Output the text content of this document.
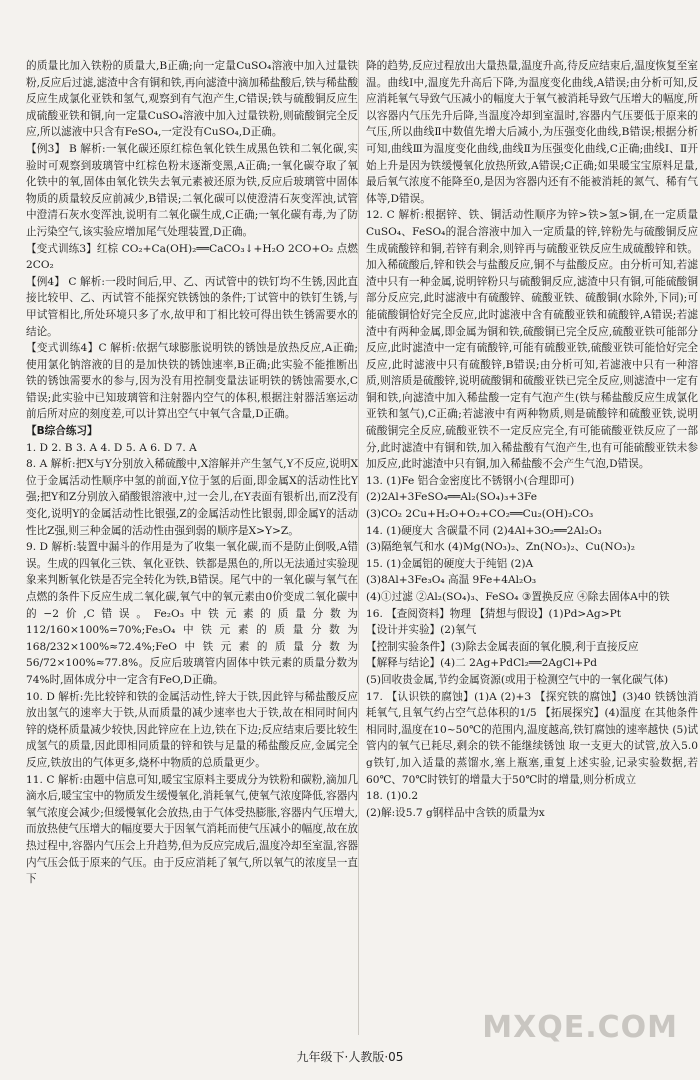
的质量比加入铁粉的质量大,B正确;向一定量CuSO₄溶液中加入过量铁粉,反应后过滤,滤渣中含有铜和铁,再向滤渣中滴加稀盐酸后,铁与稀盐酸反应生成氯化亚铁和氢气,观察到有气泡产生,C错误;铁与硫酸铜反应生成硫酸亚铁和铜,向一定量CuSO₄溶液中加入过量铁粉,则硫酸铜完全反应,所以滤液中只含有FeSO₄,一定没有CuSO₄,D正确。

【例3】 B 解析:一氧化碳还原红棕色氧化铁生成黑色铁和二氧化碳,实验时可观察到玻璃管中红棕色粉末逐渐变黑,A正确;一氧化碳夺取了氧化铁中的氧,固体由氧化铁失去氧元素被还原为铁,反应后玻璃管中固体物质的质量较反应前减少,B错误;二氧化碳可以使澄清石灰变浑浊,试管中澄清石灰水变浑浊,说明有二氧化碳生成,C正确;一氧化碳有毒,为了防止污染空气,该实验应增加尾气处理装置,D正确。

【变式训练3】红棕 CO₂+Ca(OH)₂══CaCO₃↓+H₂O 2CO+O₂ 点燃 2CO₂

【例4】 C 解析:一段时间后,甲、乙、丙试管中的铁钉均不生锈,因此直接比较甲、乙、丙试管不能探究铁锈蚀的条件;丁试管中的铁钉生锈,与甲试管相比,所处环境只多了水,故甲和丁相比较可得出铁生锈需要水的结论。

【变式训练4】C 解析:依据气球膨胀说明铁的锈蚀是放热反应,A正确;使用氯化钠溶液的目的是加快铁的锈蚀速率,B正确;此实验不能推断出铁的锈蚀需要水的参与,因为没有用控制变量法证明铁的锈蚀需要水,C错误;此实验中已知玻璃管和注射器内空气的体积,根据注射器活塞运动前后所对应的刻度差,可以计算出空气中氧气含量,D正确。

【B综合练习】

1. D 2. B 3. A 4. D 5. A 6. D 7. A

8. A 解析:把X与Y分别放入稀硫酸中,X溶解并产生氢气,Y不反应,说明X位于金属活动性顺序中氢的前面,Y位于氢的后面,即金属X的活动性比Y强;把Y和Z分别放入硝酸银溶液中,过一会儿,在Y表面有银析出,而Z没有变化,说明Y的金属活动性比银强,Z的金属活动性比银弱,即金属Y的活动性比Z强,则三种金属的活动性由强到弱的顺序是X>Y>Z。

9. D 解析:装置中漏斗的作用是为了收集一氧化碳,而不是防止倒吸,A错误。生成的四氧化三铁、氧化亚铁、铁都是黑色的,所以无法通过实验现象来判断氧化铁是否完全转化为铁,B错误。尾气中的一氧化碳与氧气在点燃的条件下反应生成二氧化碳,氧气中的氧元素由0价变成二氧化碳中的−2价,C错误。Fe₂O₃中铁元素的质量分数为112/160×100%=70%;Fe₃O₄中铁元素的质量分数为168/232×100%≈72.4%;FeO中铁元素的质量分数为56/72×100%≈77.8%。反应后玻璃管内固体中铁元素的质量分数为74%时,固体成分中一定含有FeO,D正确。

10. D 解析:先比较锌和铁的金属活动性,锌大于铁,因此锌与稀盐酸反应放出氢气的速率大于铁,从而质量的减少速率也大于铁,故在相同时间内锌的烧杯质量减少较快,因此锌应在上边,铁在下边;反应结束后要比较生成氢气的质量,因此即相同质量的锌和铁与足量的稀盐酸反应,金属完全反应,铁放出的气体更多,烧杯中物质的总质量更少。

11. C 解析:由题中信息可知,暖宝宝原料主要成分为铁粉和碳粉,滴加几滴水后,暖宝宝中的物质发生缓慢氧化,消耗氧气,使氧气浓度降低,容器内氧气浓度会减少;但缓慢氧化会放热,由于气体受热膨胀,容器内气压增大,而放热使气压增大的幅度要大于因氧气消耗而使气压减小的幅度,故在放热过程中,容器内气压会上升趋势,但为反应完成后,温度冷却至室温,容器内气压会低于原来的气压。由于反应消耗了氧气,所以氧气的浓度呈一直下

降的趋势,反应过程放出大量热量,温度升高,待反应结束后,温度恢复至室温。曲线Ⅰ中,温度先升高后下降,为温度变化曲线,A错误;由分析可知,反应消耗氧气导致气压减小的幅度大于氧气被消耗导致气压增大的幅度,所以容器内气压先升后降,当温度冷却到室温时,容器内气压要低于原来的气压,所以曲线Ⅱ中数值先增大后减小,为压强变化曲线,B错误;根据分析可知,曲线Ⅲ为温度变化曲线,曲线Ⅱ为压强变化曲线,C正确;曲线Ⅰ、Ⅱ开始上升是因为铁缓慢氧化放热所致,A错误;C正确;如果暖宝宝原料足量,最后氧气浓度不能降至0,是因为容器内还有不能被消耗的氮气、稀有气体等,D错误。

12. C 解析:根据锌、铁、铜活动性顺序为锌>铁>氢>铜,在一定质量CuSO₄、FeSO₄的混合溶液中加入一定质量的锌,锌粉先与硫酸铜反应生成硫酸锌和铜,若锌有剩余,则锌再与硫酸亚铁反应生成硫酸锌和铁。加入稀硫酸后,锌和铁会与盐酸反应,铜不与盐酸反应。由分析可知,若滤渣中只有一种金属,说明锌粉只与硫酸铜反应,滤渣中只有铜,可能硫酸铜部分反应完,此时滤液中有硫酸锌、硫酸亚铁、硫酸铜(水除外,下同);可能硫酸铜恰好完全反应,此时滤液中含有硫酸亚铁和硫酸锌,A错误;若滤渣中有两种金属,即金属为铜和铁,硫酸铜已完全反应,硫酸亚铁可能部分反应,此时滤渣中一定有硫酸锌,可能有硫酸亚铁,硫酸亚铁可能恰好完全反应,此时滤液中只有硫酸锌,B错误;由分析可知,若滤液中只有一种溶质,则溶质是硫酸锌,说明硫酸铜和硫酸亚铁已完全反应,则滤渣中一定有铜和铁,向滤渣中加入稀盐酸一定有气泡产生(铁与稀盐酸反应生成氯化亚铁和氢气),C正确;若滤液中有两种物质,则是硫酸锌和硫酸亚铁,说明硫酸铜完全反应,硫酸亚铁不一定反应完全,有可能硫酸亚铁反应了一部分,此时滤渣中有铜和铁,加入稀盐酸有气泡产生,也有可能硫酸亚铁未参加反应,此时滤渣中只有铜,加入稀盐酸不会产生气泡,D错误。

13. (1)Fe 铝合金密度比不锈钢小(合理即可)

(2)2Al+3FeSO₄══Al₂(SO₄)₃+3Fe

(3)CO₂ 2Cu+H₂O+O₂+CO₂══Cu₂(OH)₂CO₃

14. (1)硬度大 含碳量不同 (2)4Al+3O₂══2Al₂O₃

(3)隔绝氧气和水 (4)Mg(NO₃)₂、Zn(NO₃)₂、Cu(NO₃)₂

15. (1)金属铝的硬度大于纯铝 (2)A

(3)8Al+3Fe₃O₄ 高温 9Fe+4Al₂O₃

(4)①过滤 ②Al₂(SO₄)₃、FeSO₄ ③置换反应 ④除去固体A中的铁

16. 【查阅资料】物理 【猜想与假设】(1)Pd>Ag>Pt

【设计并实验】(2)氧气

【控制实验条件】(3)除去金属表面的氧化膜,利于直接反应

【解释与结论】(4)二 2Ag+PdCl₂══2AgCl+Pd

(5)回收贵金属,节约金属资源(或用于检测空气中的一氧化碳气体)

17. 【认识铁的腐蚀】(1)A (2)+3 【探究铁的腐蚀】(3)40 铁锈蚀消耗氧气,且氧气约占空气总体积的1/5 【拓展探究】(4)温度 在其他条件相同时,温度在10~50℃的范围内,温度越高,铁钉腐蚀的速率越快 (5)试管内的氧气已耗尽,剩余的铁不能继续锈蚀 取一支更大的试管,放入5.0 g铁钉,加入适量的蒸馏水,塞上瓶塞,重复上述实验,记录实验数据,若60℃、70℃时铁钉的增量大于50℃时的增量,则分析成立

18. (1)0.2

(2)解:设5.7 g钢样品中含铁的质量为x

MXQE.COM
九年级下·人教版·05
